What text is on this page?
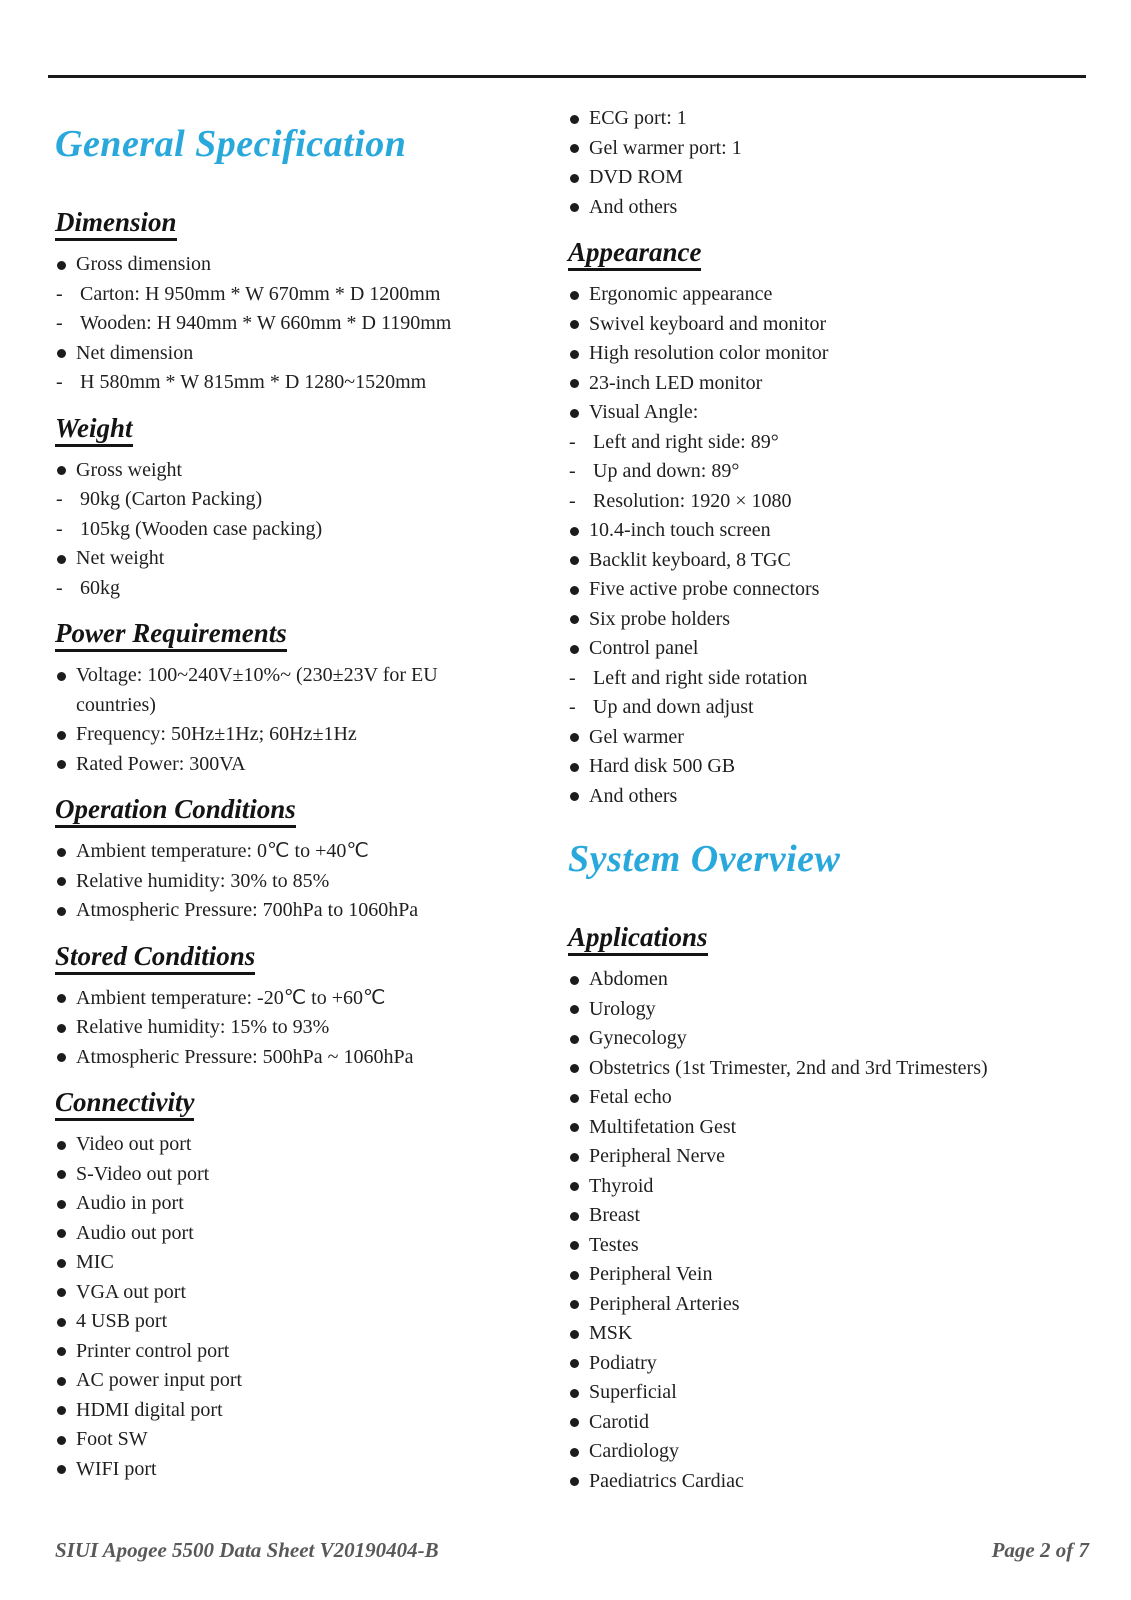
General Specification
Dimension
Gross dimension
-
Carton: H 950mm * W 670mm * D 1200mm
-
Wooden: H 940mm * W 660mm * D 1190mm
Net dimension
-
H 580mm * W 815mm * D 1280~1520mm
Weight
Gross weight
-
90kg (Carton Packing)
-
105kg (Wooden case packing)
Net weight
-
60kg
Power Requirements
Voltage: 100~240V±10%~ (230±23V for EU countries)
Frequency: 50Hz±1Hz; 60Hz±1Hz
Rated Power: 300VA
Operation Conditions
Ambient temperature: 0℃ to +40℃
Relative humidity: 30% to 85%
Atmospheric Pressure: 700hPa to 1060hPa
Stored Conditions
Ambient temperature: -20℃ to +60℃
Relative humidity: 15% to 93%
Atmospheric Pressure: 500hPa ~ 1060hPa
Connectivity
Video out port
S-Video out port
Audio in port
Audio out port
MIC
VGA out port
4 USB port
Printer control port
AC power input port
HDMI digital port
Foot SW
WIFI port
ECG port: 1
Gel warmer port: 1
DVD ROM
And others
Appearance
Ergonomic appearance
Swivel keyboard and monitor
High resolution color monitor
23-inch LED monitor
Visual Angle:
-
Left and right side: 89°
-
Up and down: 89°
-
Resolution: 1920 × 1080
10.4-inch touch screen
Backlit keyboard, 8 TGC
Five active probe connectors
Six probe holders
Control panel
-
Left and right side rotation
-
Up and down adjust
Gel warmer
Hard disk 500 GB
And others
System Overview
Applications
Abdomen
Urology
Gynecology
Obstetrics (1st Trimester, 2nd and 3rd Trimesters)
Fetal echo
Multifetation Gest
Peripheral Nerve
Thyroid
Breast
Testes
Peripheral Vein
Peripheral Arteries
MSK
Podiatry
Superficial
Carotid
Cardiology
Paediatrics Cardiac
SIUI Apogee 5500 Data Sheet V20190404-B	Page 2 of 7
